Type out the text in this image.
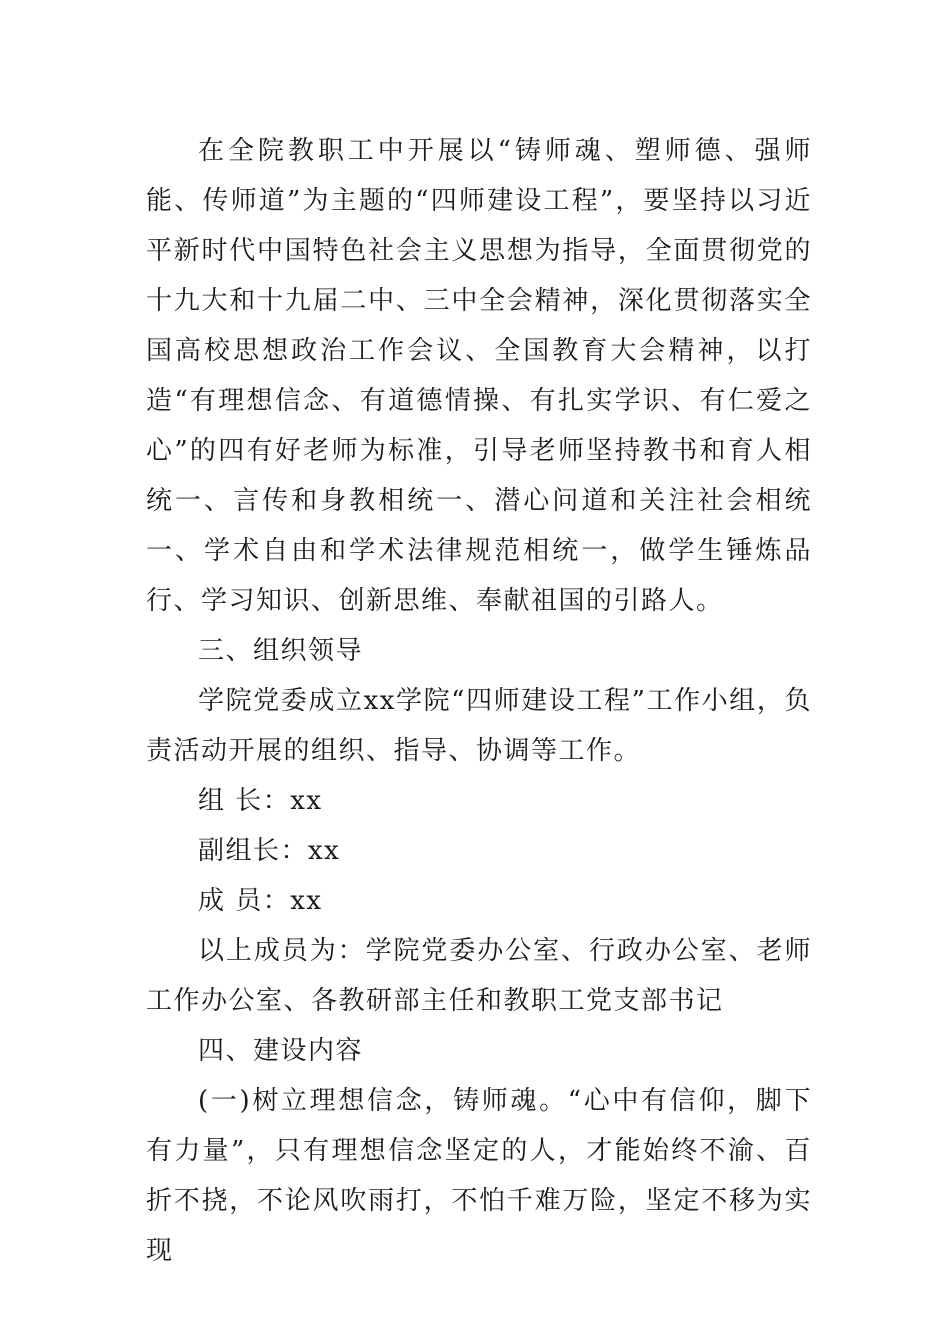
在全院教职工中开展以“铸师魂、塑师德、强师能、传师道”为主题的“四师建设工程”，要坚持以习近平新时代中国特色社会主义思想为指导，全面贯彻党的十九大和十九届二中、三中全会精神，深化贯彻落实全国高校思想政治工作会议、全国教育大会精神，以打造“有理想信念、有道德情操、有扎实学识、有仁爱之心”的四有好老师为标准，引导老师坚持教书和育人相统一、言传和身教相统一、潜心问道和关注社会相统一、学术自由和学术法律规范相统一，做学生锤炼品行、学习知识、创新思维、奉献祖国的引路人。

三、组织领导

学院党委成立xx学院“四师建设工程”工作小组，负责活动开展的组织、指导、协调等工作。

组 长：xx

副组长：xx

成 员：xx

以上成员为：学院党委办公室、行政办公室、老师工作办公室、各教研部主任和教职工党支部书记

四、建设内容

(一)树立理想信念，铸师魂。“心中有信仰，脚下有力量”，只有理想信念坚定的人，才能始终不渝、百折不挠，不论风吹雨打，不怕千难万险，坚定不移为实现
